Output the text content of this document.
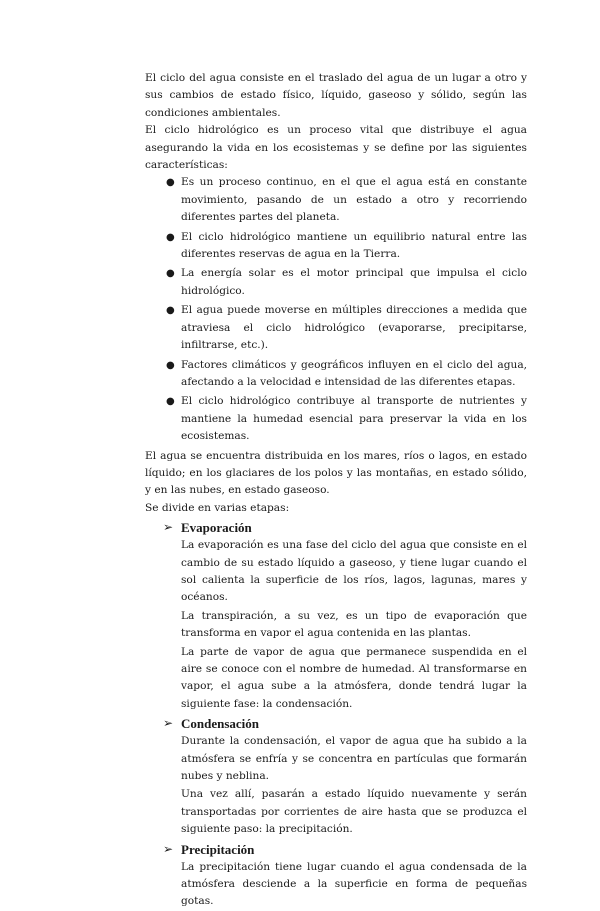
El ciclo del agua consiste en el traslado del agua de un lugar a otro y sus cambios de estado físico, líquido, gaseoso y sólido, según las condiciones ambientales.

El ciclo hidrológico es un proceso vital que distribuye el agua asegurando la vida en los ecosistemas y se define por las siguientes características:

● Es un proceso continuo, en el que el agua está en constante movimiento, pasando de un estado a otro y recorriendo diferentes partes del planeta.
● El ciclo hidrológico mantiene un equilibrio natural entre las diferentes reservas de agua en la Tierra.
● La energía solar es el motor principal que impulsa el ciclo hidrológico.
● El agua puede moverse en múltiples direcciones a medida que atraviesa el ciclo hidrológico (evaporarse, precipitarse, infiltrarse, etc.).
● Factores climáticos y geográficos influyen en el ciclo del agua, afectando a la velocidad e intensidad de las diferentes etapas.
● El ciclo hidrológico contribuye al transporte de nutrientes y mantiene la humedad esencial para preservar la vida en los ecosistemas.

El agua se encuentra distribuida en los mares, ríos o lagos, en estado líquido; en los glaciares de los polos y las montañas, en estado sólido, y en las nubes, en estado gaseoso.

Se divide en varias etapas:

➢ Evaporación

La evaporación es una fase del ciclo del agua que consiste en el cambio de su estado líquido a gaseoso, y tiene lugar cuando el sol calienta la superficie de los ríos, lagos, lagunas, mares y océanos.

La transpiración, a su vez, es un tipo de evaporación que transforma en vapor el agua contenida en las plantas.

La parte de vapor de agua que permanece suspendida en el aire se conoce con el nombre de humedad. Al transformarse en vapor, el agua sube a la atmósfera, donde tendrá lugar la siguiente fase: la condensación.

➢ Condensación

Durante la condensación, el vapor de agua que ha subido a la atmósfera se enfría y se concentra en partículas que formarán nubes y neblina.

Una vez allí, pasarán a estado líquido nuevamente y serán transportadas por corrientes de aire hasta que se produzca el siguiente paso: la precipitación.

➢ Precipitación

La precipitación tiene lugar cuando el agua condensada de la atmósfera desciende a la superficie en forma de pequeñas gotas.
